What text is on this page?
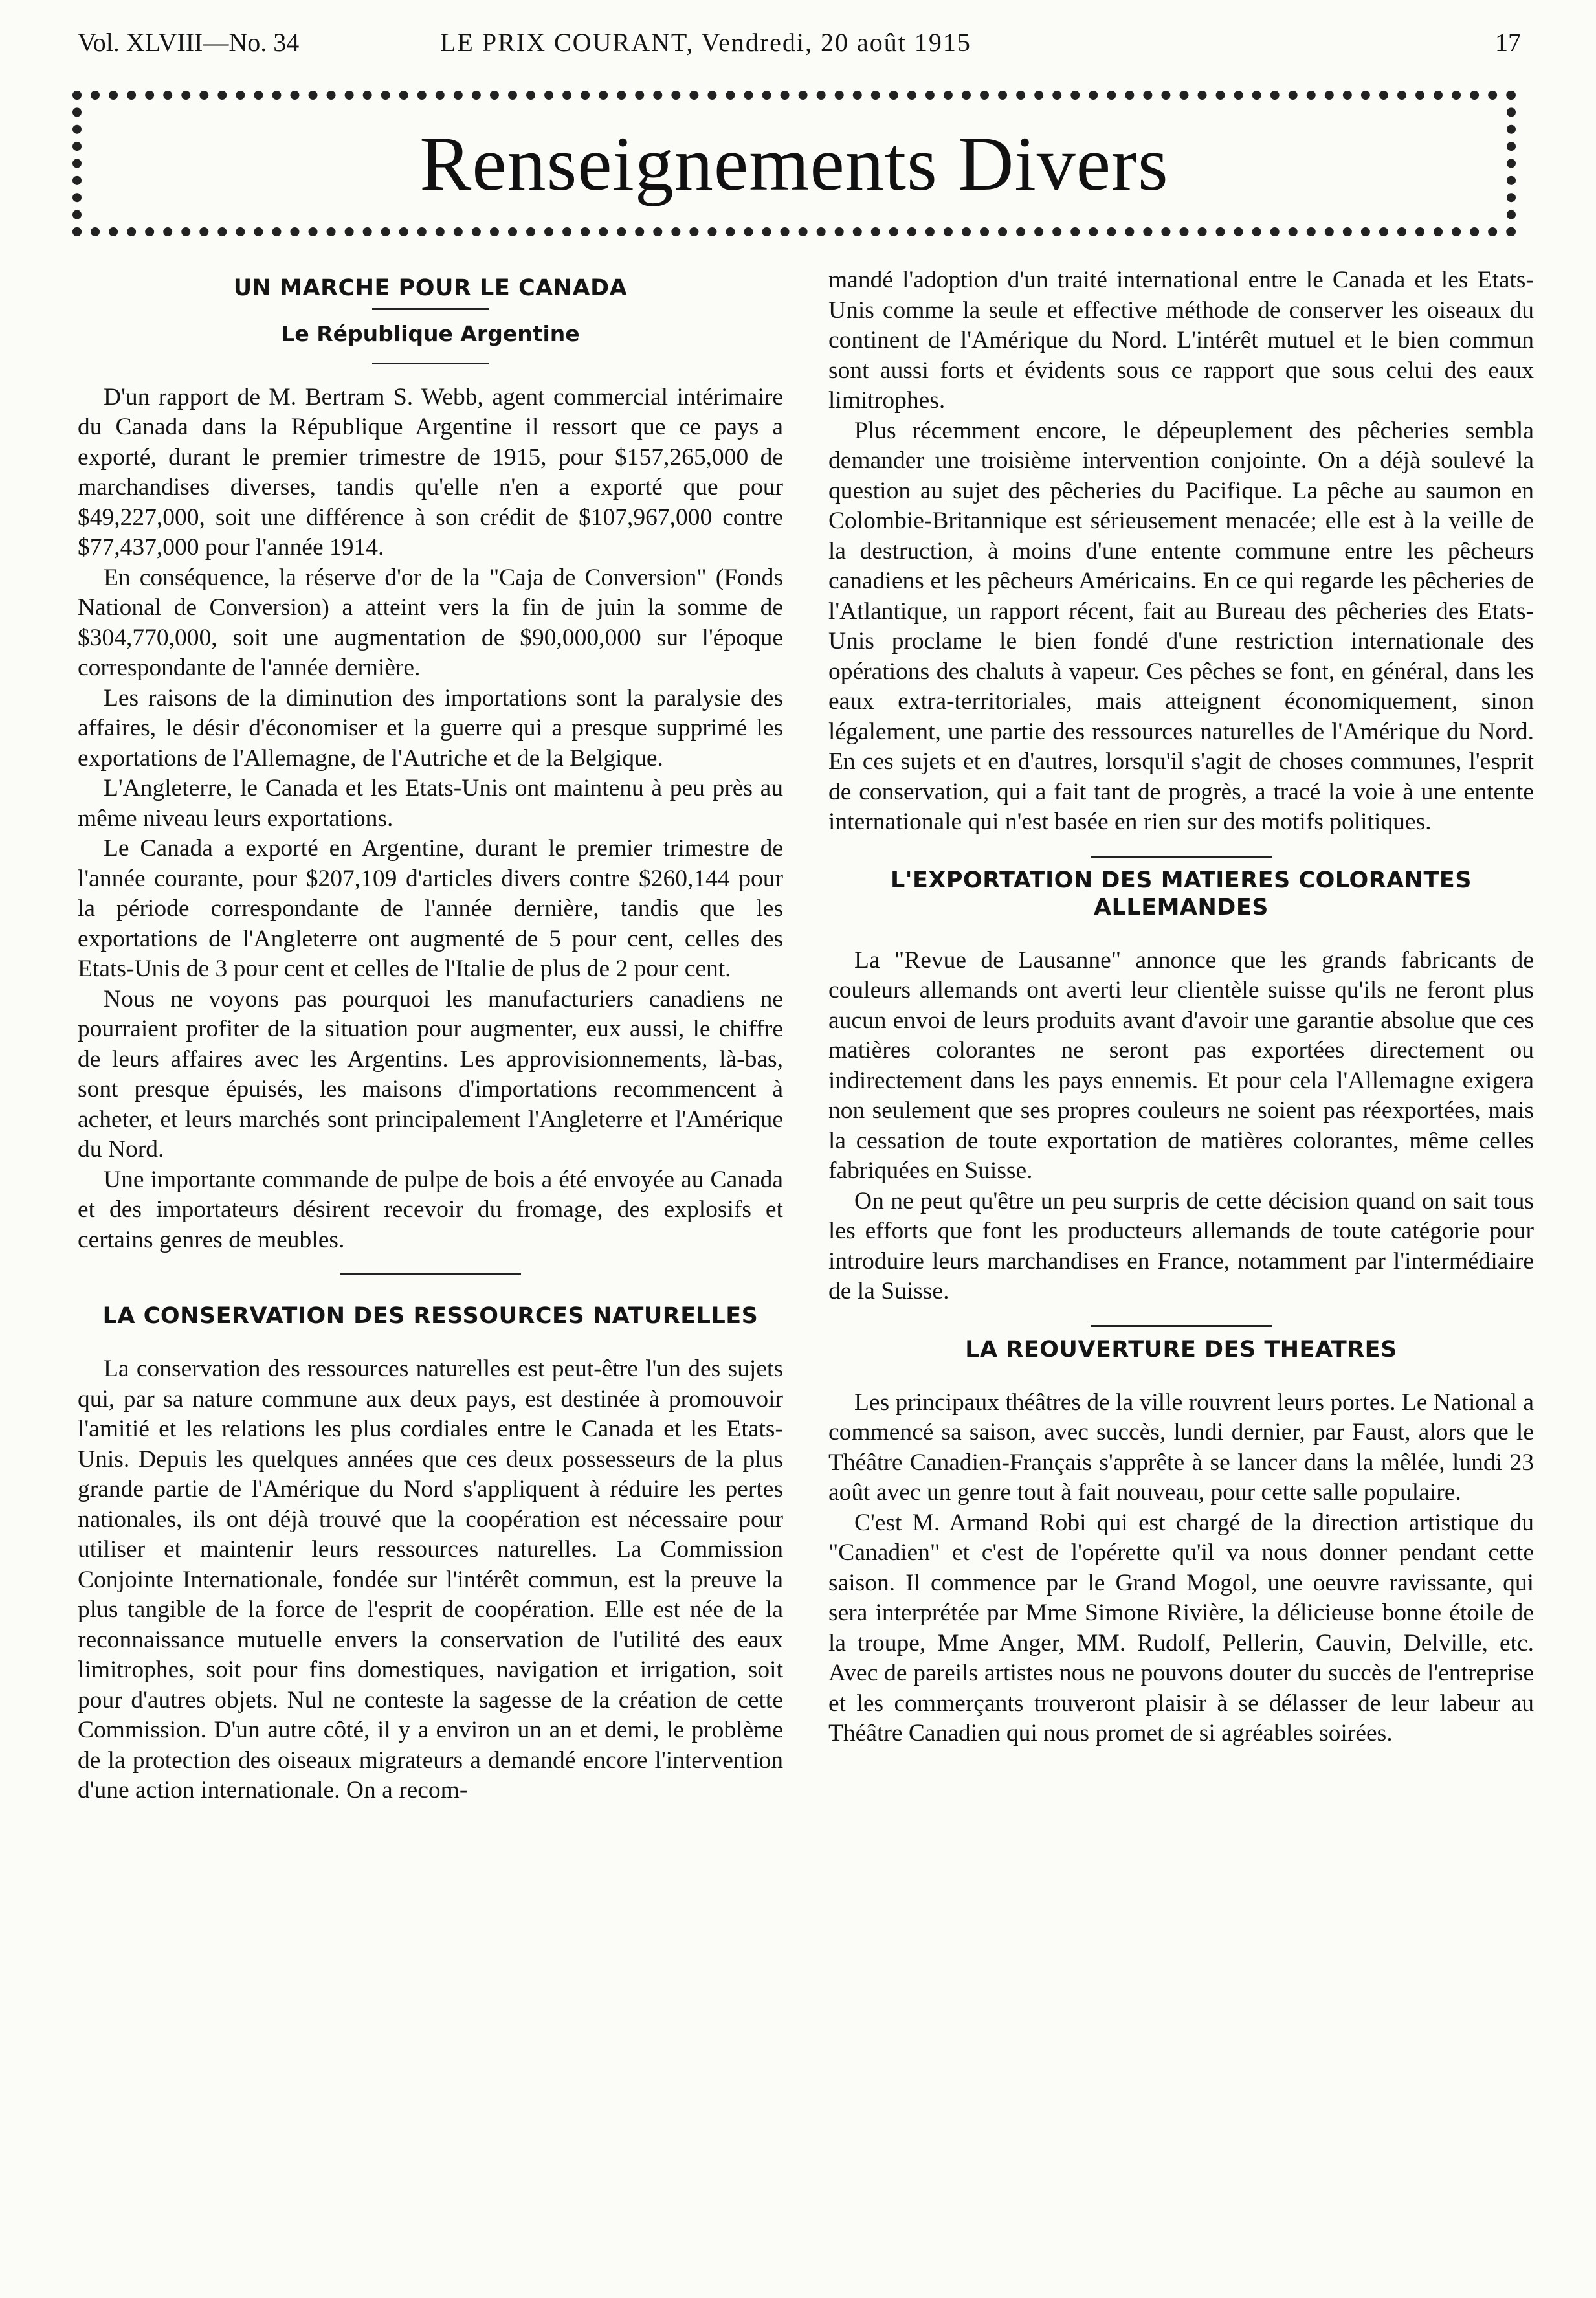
Vol. XLVIII—No. 34	LE PRIX COURANT, Vendredi, 20 août 1915	17
Renseignements Divers
UN MARCHE POUR LE CANADA
Le République Argentine

D'un rapport de M. Bertram S. Webb, agent commercial intérimaire du Canada dans la République Argentine il ressort que ce pays a exporté, durant le premier trimestre de 1915, pour $157,265,000 de marchandises diverses, tandis qu'elle n'en a exporté que pour $49,227,000, soit une différence à son crédit de $107,967,000 contre $77,437,000 pour l'année 1914.

En conséquence, la réserve d'or de la "Caja de Conversion" (Fonds National de Conversion) a atteint vers la fin de juin la somme de $304,770,000, soit une augmentation de $90,000,000 sur l'époque correspondante de l'année dernière.

Les raisons de la diminution des importations sont la paralysie des affaires, le désir d'économiser et la guerre qui a presque supprimé les exportations de l'Allemagne, de l'Autriche et de la Belgique.

L'Angleterre, le Canada et les Etats-Unis ont maintenu à peu près au même niveau leurs exportations.

Le Canada a exporté en Argentine, durant le premier trimestre de l'année courante, pour $207,109 d'articles divers contre $260,144 pour la période correspondante de l'année dernière, tandis que les exportations de l'Angleterre ont augmenté de 5 pour cent, celles des Etats-Unis de 3 pour cent et celles de l'Italie de plus de 2 pour cent.

Nous ne voyons pas pourquoi les manufacturiers canadiens ne pourraient profiter de la situation pour augmenter, eux aussi, le chiffre de leurs affaires avec les Argentins. Les approvisionnements, là-bas, sont presque épuisés, les maisons d'importations recommencent à acheter, et leurs marchés sont principalement l'Angleterre et l'Amérique du Nord.

Une importante commande de pulpe de bois a été envoyée au Canada et des importateurs désirent recevoir du fromage, des explosifs et certains genres de meubles.

LA CONSERVATION DES RESSOURCES NATURELLES

La conservation des ressources naturelles est peut-être l'un des sujets qui, par sa nature commune aux deux pays, est destinée à promouvoir l'amitié et les relations les plus cordiales entre le Canada et les Etats-Unis. Depuis les quelques années que ces deux possesseurs de la plus grande partie de l'Amérique du Nord s'appliquent à réduire les pertes nationales, ils ont déjà trouvé que la coopération est nécessaire pour utiliser et maintenir leurs ressources naturelles. La Commission Conjointe Internationale, fondée sur l'intérêt commun, est la preuve la plus tangible de la force de l'esprit de coopération. Elle est née de la reconnaissance mutuelle envers la conservation de l'utilité des eaux limitrophes, soit pour fins domestiques, navigation et irrigation, soit pour d'autres objets. Nul ne conteste la sagesse de la création de cette Commission. D'un autre côté, il y a environ un an et demi, le problème de la protection des oiseaux migrateurs a demandé encore l'intervention d'une action internationale. On a recom-

mandé l'adoption d'un traité international entre le Canada et les Etats-Unis comme la seule et effective méthode de conserver les oiseaux du continent de l'Amérique du Nord. L'intérêt mutuel et le bien commun sont aussi forts et évidents sous ce rapport que sous celui des eaux limitrophes.

Plus récemment encore, le dépeuplement des pêcheries sembla demander une troisième intervention conjointe. On a déjà soulevé la question au sujet des pêcheries du Pacifique. La pêche au saumon en Colombie-Britannique est sérieusement menacée; elle est à la veille de la destruction, à moins d'une entente commune entre les pêcheurs canadiens et les pêcheurs Américains. En ce qui regarde les pêcheries de l'Atlantique, un rapport récent, fait au Bureau des pêcheries des Etats-Unis proclame le bien fondé d'une restriction internationale des opérations des chaluts à vapeur. Ces pêches se font, en général, dans les eaux extra-territoriales, mais atteignent économiquement, sinon légalement, une partie des ressources naturelles de l'Amérique du Nord. En ces sujets et en d'autres, lorsqu'il s'agit de choses communes, l'esprit de conservation, qui a fait tant de progrès, a tracé la voie à une entente internationale qui n'est basée en rien sur des motifs politiques.

L'EXPORTATION DES MATIERES COLORANTES ALLEMANDES

La "Revue de Lausanne" annonce que les grands fabricants de couleurs allemands ont averti leur clientèle suisse qu'ils ne feront plus aucun envoi de leurs produits avant d'avoir une garantie absolue que ces matières colorantes ne seront pas exportées directement ou indirectement dans les pays ennemis. Et pour cela l'Allemagne exigera non seulement que ses propres couleurs ne soient pas réexportées, mais la cessation de toute exportation de matières colorantes, même celles fabriquées en Suisse.

On ne peut qu'être un peu surpris de cette décision quand on sait tous les efforts que font les producteurs allemands de toute catégorie pour introduire leurs marchandises en France, notamment par l'intermédiaire de la Suisse.

LA REOUVERTURE DES THEATRES

Les principaux théâtres de la ville rouvrent leurs portes. Le National a commencé sa saison, avec succès, lundi dernier, par Faust, alors que le Théâtre Canadien-Français s'apprête à se lancer dans la mêlée, lundi 23 août avec un genre tout à fait nouveau, pour cette salle populaire.

C'est M. Armand Robi qui est chargé de la direction artistique du "Canadien" et c'est de l'opérette qu'il va nous donner pendant cette saison. Il commence par le Grand Mogol, une oeuvre ravissante, qui sera interprétée par Mme Simone Rivière, la délicieuse bonne étoile de la troupe, Mme Anger, MM. Rudolf, Pellerin, Cauvin, Delville, etc. Avec de pareils artistes nous ne pouvons douter du succès de l'entreprise et les commerçants trouveront plaisir à se délasser de leur labeur au Théâtre Canadien qui nous promet de si agréables soirées.
